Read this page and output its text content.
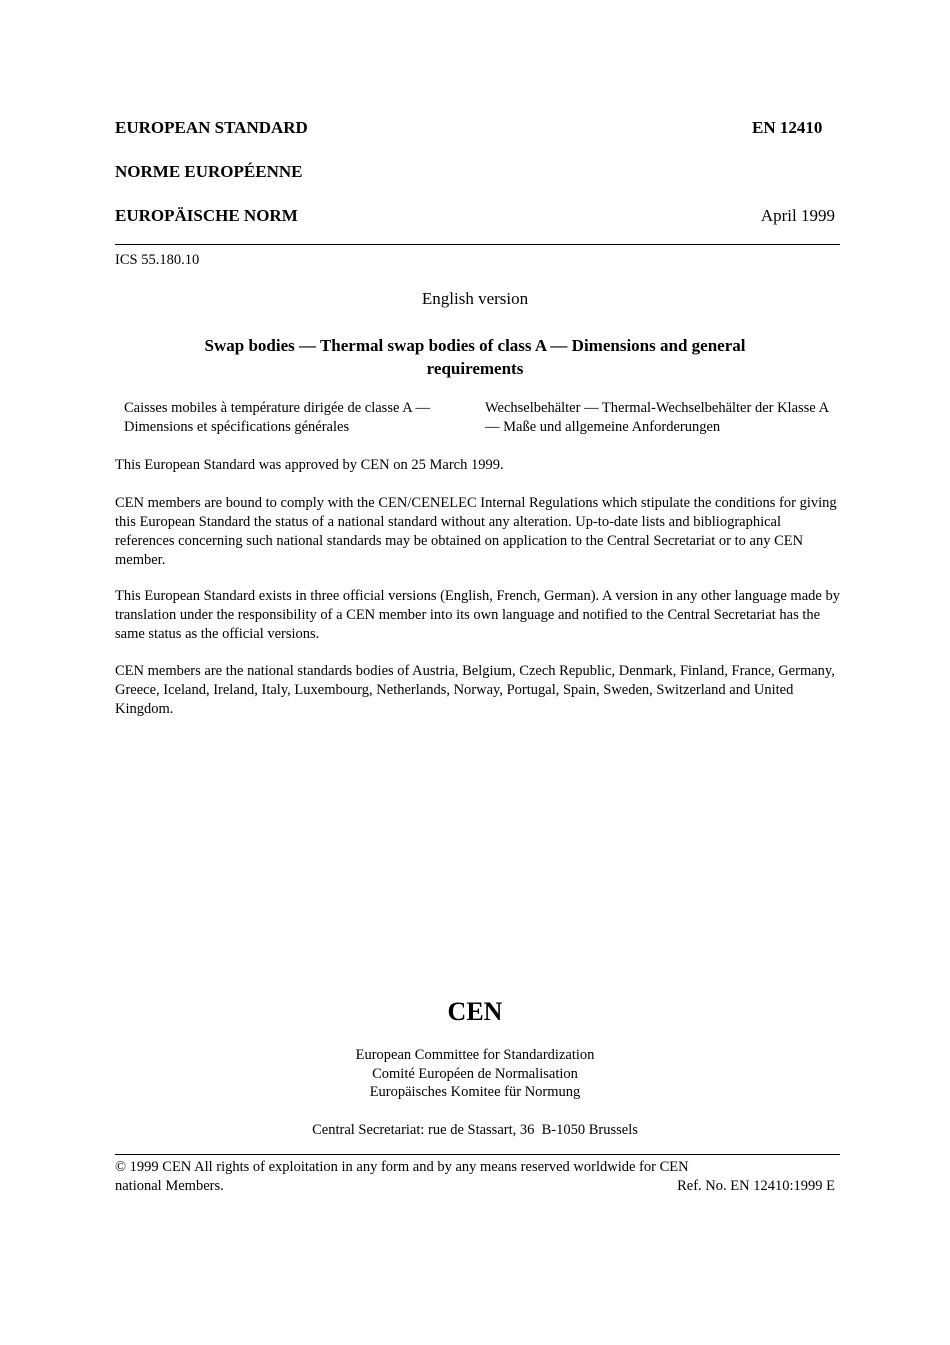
EUROPEAN STANDARD	EN 12410
NORME EUROPÉENNE
EUROPÄISCHE NORM	April 1999
ICS 55.180.10
English version
Swap bodies — Thermal swap bodies of class A — Dimensions and general requirements
Caisses mobiles à température dirigée de classe A — Dimensions et spécifications générales
Wechselbehälter — Thermal-Wechselbehälter der Klasse A — Maße und allgemeine Anforderungen
This European Standard was approved by CEN on 25 March 1999.
CEN members are bound to comply with the CEN/CENELEC Internal Regulations which stipulate the conditions for giving this European Standard the status of a national standard without any alteration. Up-to-date lists and bibliographical references concerning such national standards may be obtained on application to the Central Secretariat or to any CEN member.
This European Standard exists in three official versions (English, French, German). A version in any other language made by translation under the responsibility of a CEN member into its own language and notified to the Central Secretariat has the same status as the official versions.
CEN members are the national standards bodies of Austria, Belgium, Czech Republic, Denmark, Finland, France, Germany, Greece, Iceland, Ireland, Italy, Luxembourg, Netherlands, Norway, Portugal, Spain, Sweden, Switzerland and United Kingdom.
CEN
European Committee for Standardization
Comité Européen de Normalisation
Europäisches Komitee für Normung
Central Secretariat: rue de Stassart, 36  B-1050 Brussels
© 1999 CEN All rights of exploitation in any form and by any means reserved worldwide for CEN national Members.	Ref. No. EN 12410:1999 E
